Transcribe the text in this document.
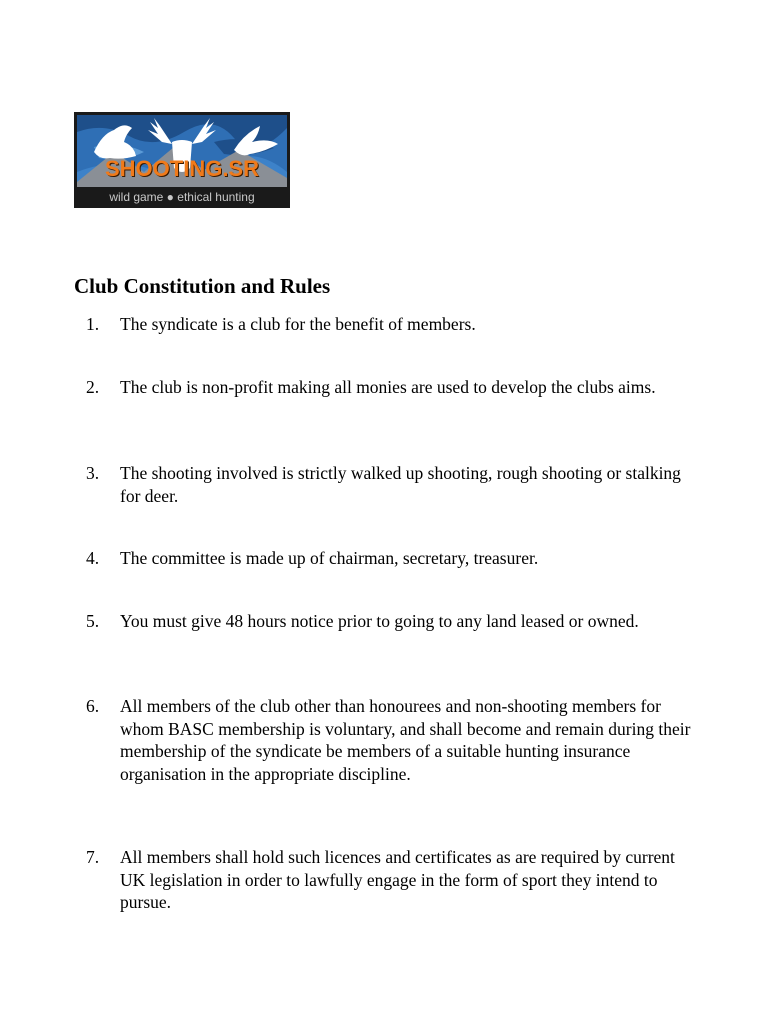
SHOOTING.SR
wild game ● ethical hunting
Club Constitution and Rules
1.	The syndicate is a club for the benefit of members.
2.	The club is non-profit making all monies are used to develop the clubs aims.
3.	The shooting involved is strictly walked up shooting, rough shooting or stalking for deer.
4.	The committee is made up of chairman, secretary, treasurer.
5.	You must give 48 hours notice prior to going to any land leased or owned.
6.	All members of the club other than honourees and non-shooting members for whom BASC membership is voluntary, and shall become and remain during their membership of the syndicate be members of a suitable hunting insurance organisation in the appropriate discipline.
7.	All members shall hold such licences and certificates as are required by current UK legislation in order to lawfully engage in the form of sport they intend to pursue.
